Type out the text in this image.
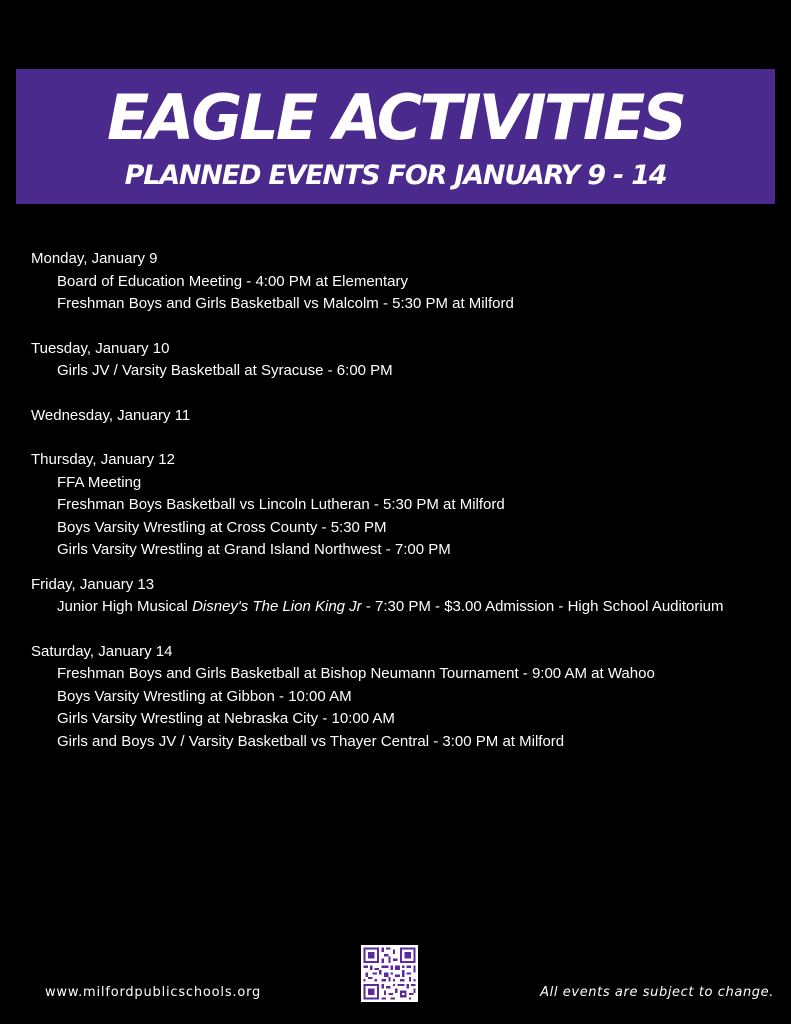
EAGLE ACTIVITIES
PLANNED EVENTS FOR JANUARY 9 - 14
Monday, January 9
Board of Education Meeting - 4:00 PM at Elementary
Freshman Boys and Girls Basketball vs Malcolm - 5:30 PM at Milford
Tuesday, January 10
Girls JV / Varsity Basketball at Syracuse - 6:00 PM
Wednesday, January 11
Thursday, January 12
FFA Meeting
Freshman Boys Basketball vs Lincoln Lutheran - 5:30 PM at Milford
Boys Varsity Wrestling at Cross County - 5:30 PM
Girls Varsity Wrestling at Grand Island Northwest - 7:00 PM
Friday, January 13
Junior High Musical Disney's The Lion King Jr - 7:30 PM - $3.00 Admission - High School Auditorium
Saturday, January 14
Freshman Boys and Girls Basketball at Bishop Neumann Tournament - 9:00 AM at Wahoo
Boys Varsity Wrestling at Gibbon - 10:00 AM
Girls Varsity Wrestling at Nebraska City - 10:00 AM
Girls and Boys JV / Varsity Basketball vs Thayer Central - 3:00 PM at Milford
www.milfordpublicschools.org	All events are subject to change.
